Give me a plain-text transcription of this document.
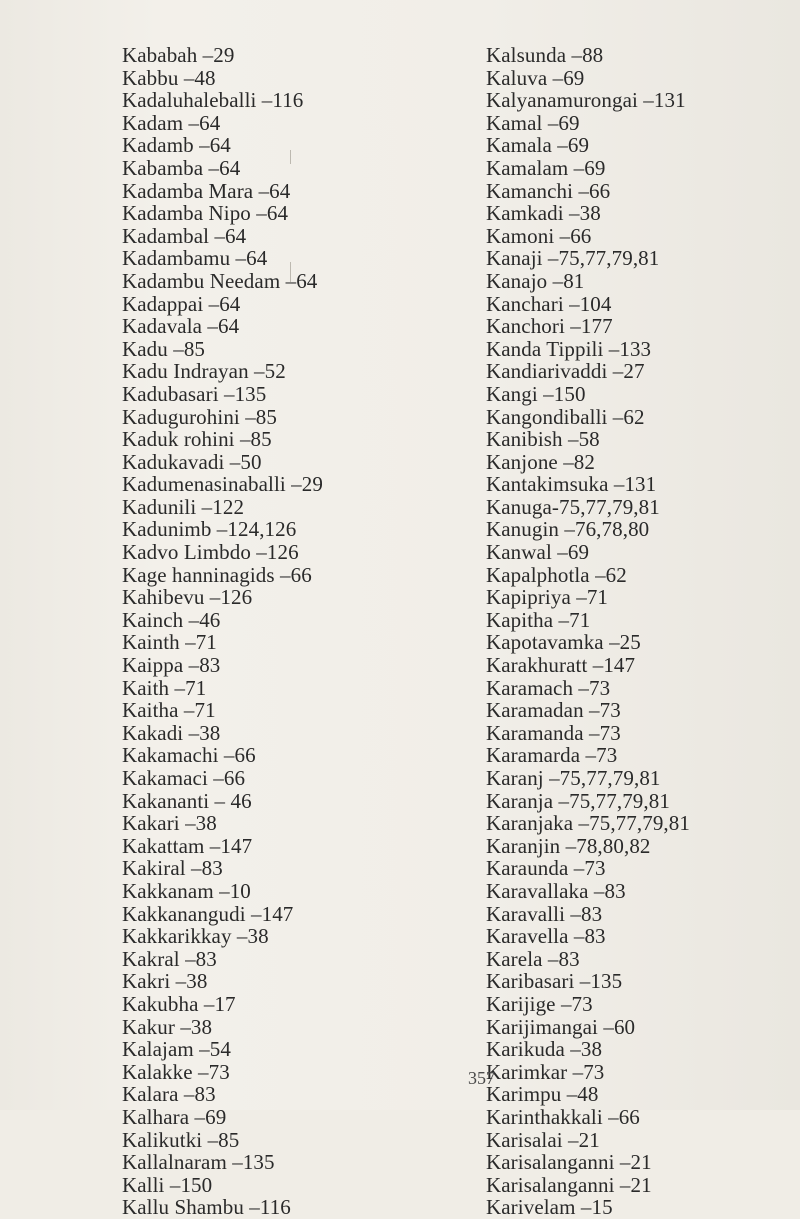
Kababah –29
Kabbu –48
Kadaluhaleballi –116
Kadam –64
Kadamb –64
Kabamba –64
Kadamba Mara –64
Kadamba Nipo –64
Kadambal –64
Kadambamu –64
Kadambu Needam –64
Kadappai –64
Kadavala –64
Kadu –85
Kadu Indrayan –52
Kadubasari –135
Kadugurohini –85
Kaduk rohini –85
Kadukavadi –50
Kadumenasinaballi –29
Kadunili –122
Kadunimb –124,126
Kadvo Limbdo –126
Kage hanninagids –66
Kahibevu –126
Kainch –46
Kainth –71
Kaippa –83
Kaith –71
Kaitha –71
Kakadi –38
Kakamachi –66
Kakamaci –66
Kakananti – 46
Kakari –38
Kakattam –147
Kakiral –83
Kakkanam –10
Kakkanangudi –147
Kakkarikkay –38
Kakral –83
Kakri –38
Kakubha –17
Kakur –38
Kalajam –54
Kalakke –73
Kalara –83
Kalhara –69
Kalikutki –85
Kallalnaram –135
Kalli –150
Kallu Shambu –116
Kalsunda –88
Kaluva –69
Kalyanamurongai –131
Kamal –69
Kamala –69
Kamalam –69
Kamanchi –66
Kamkadi –38
Kamoni –66
Kanaji –75,77,79,81
Kanajo –81
Kanchari –104
Kanchori –177
Kanda Tippili –133
Kandiarivaddi –27
Kangi –150
Kangondiballi –62
Kanibish –58
Kanjone –82
Kantakimsuka –131
Kanuga-75,77,79,81
Kanugin –76,78,80
Kanwal –69
Kapalphotla –62
Kapipriya –71
Kapitha –71
Kapotavamka –25
Karakhuratt –147
Karamach –73
Karamadan –73
Karamanda –73
Karamarda –73
Karanj –75,77,79,81
Karanja –75,77,79,81
Karanjaka –75,77,79,81
Karanjin –78,80,82
Karaunda –73
Karavallaka –83
Karavalli –83
Karavella –83
Karela –83
Karibasari –135
Karijige –73
Karijimangai –60
Karikuda –38
Karimkar –73
Karimpu –48
Karinthakkali –66
Karisalai –21
Karisalanganni –21
Karisalanganni –21
Karivelam –15
357
